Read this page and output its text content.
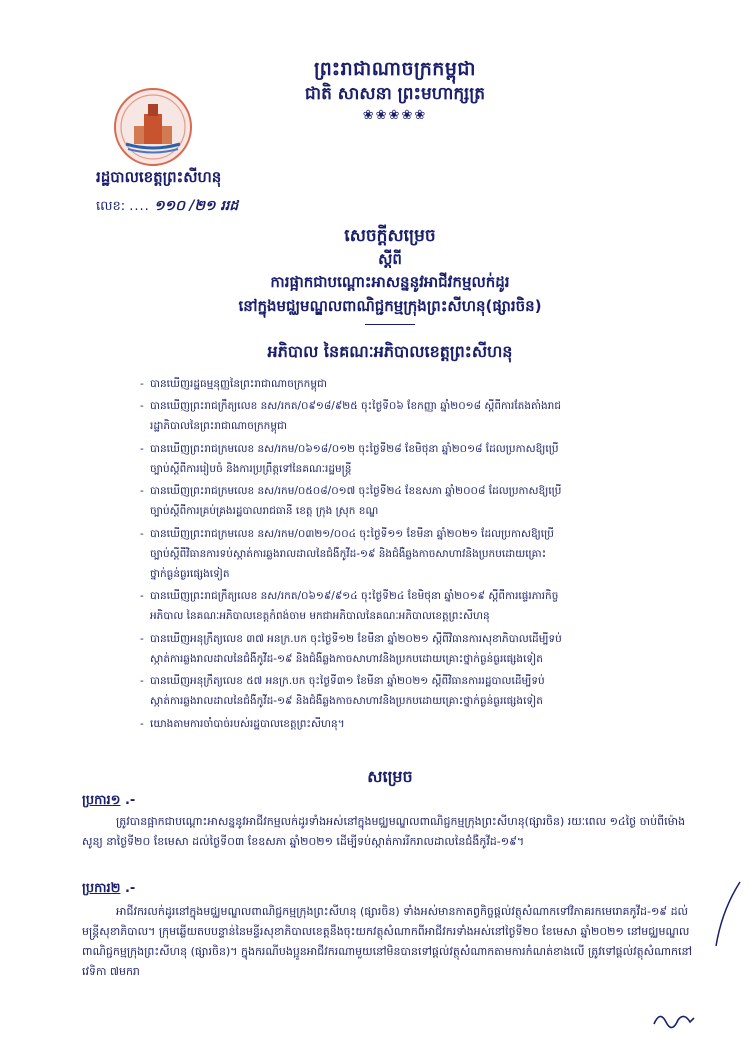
ព្រះរាជាណាចក្រកម្ពុជា
ជាតិ សាសនា ព្រះមហាក្សត្រ
❀❀❀❀❀
រដ្ឋបាលខេត្តព្រះសីហនុ
លេខ: .... ១១០ /២១ ររដ
សេចក្តីសម្រេច
ស្តីពី
ការផ្អាកជាបណ្តោះអាសន្ននូវអាជីវកម្មលក់ដូរ
នៅក្នុងមជ្ឈមណ្ឌលពាណិជ្ជកម្មក្រុងព្រះសីហនុ(ផ្សារចិន)
អភិបាល នៃគណៈអភិបាលខេត្តព្រះសីហនុ
- បានឃើញរដ្ឋធម្មនុញ្ញនៃព្រះរាជាណាចក្រកម្ពុជា
- បានឃើញព្រះរាជក្រឹត្យលេខ នស/រកត/០៩១៨/៩២៥ ចុះថ្ងៃទី០៦ ខែកញ្ញា ឆ្នាំ២០១៨ ស្តីពីការតែងតាំងរាជ
រដ្ឋាភិបាលនៃព្រះរាជាណាចក្រកម្ពុជា
- បានឃើញព្រះរាជក្រមលេខ នស/រកម/០៦១៨/០១២ ចុះថ្ងៃទី២៨ ខែមិថុនា ឆ្នាំ២០១៨ ដែលប្រកាសឱ្យប្រើ
ច្បាប់ស្តីពីការរៀបចំ និងការប្រព្រឹត្តទៅនៃគណៈរដ្ឋមន្ត្រី
- បានឃើញព្រះរាជក្រមលេខ នស/រកម/០៥០៨/០១៧ ចុះថ្ងៃទី២៤ ខែឧសភា ឆ្នាំ២០០៨ ដែលប្រកាសឱ្យប្រើ
ច្បាប់ស្តីពីការគ្រប់គ្រងរដ្ឋបាលរាជធានី ខេត្ត ក្រុង ស្រុក ខណ្ឌ
- បានឃើញព្រះរាជក្រមលេខ នស/រកម/០៣២១/០០៤ ចុះថ្ងៃទី១១ ខែមីនា ឆ្នាំ២០២១ ដែលប្រកាសឱ្យប្រើ
ច្បាប់ស្តីពីវិធានការទប់ស្កាត់ការឆ្លងរាលដាលនៃជំងឺកូវីដ-១៩ និងជំងឺឆ្លងកាចសាហាវនិងប្រកបដោយគ្រោះ
ថ្នាក់ធ្ងន់ធ្ងរផ្សេងទៀត
- បានឃើញព្រះរាជក្រឹត្យលេខ នស/រកត/០៦១៩/៩១៤ ចុះថ្ងៃទី២៤ ខែមិថុនា ឆ្នាំ២០១៩ ស្តីពីការផ្ទេរភារកិច្ច
អភិបាល នៃគណៈអភិបាលខេត្តកំពង់ចាម មកជាអភិបាលនៃគណៈអភិបាលខេត្តព្រះសីហនុ
- បានឃើញអនុក្រឹត្យលេខ ៣៧ អនក្រ.បក ចុះថ្ងៃទី១២ ខែមីនា ឆ្នាំ២០២១ ស្តីពីវិធានការសុខាភិបាលដើម្បីទប់
ស្កាត់ការឆ្លងរាលដាលនៃជំងឺកូវីដ-១៩ និងជំងឺឆ្លងកាចសាហាវនិងប្រកបដោយគ្រោះថ្នាក់ធ្ងន់ធ្ងរផ្សេងទៀត
- បានឃើញអនុក្រឹត្យលេខ ៥៧ អនក្រ.បក ចុះថ្ងៃទី៣១ ខែមីនា ឆ្នាំ២០២១ ស្តីពីវិធានការរដ្ឋបាលដើម្បីទប់
ស្កាត់ការឆ្លងរាលដាលនៃជំងឺកូវីដ-១៩ និងជំងឺឆ្លងកាចសាហាវនិងប្រកបដោយគ្រោះថ្នាក់ធ្ងន់ធ្ងរផ្សេងទៀត
- យោងតាមការចាំបាច់របស់រដ្ឋបាលខេត្តព្រះសីហនុ។
សម្រេច
ប្រការ១ .-
ត្រូវបានផ្អាកជាបណ្តោះអាសន្ននូវអាជីវកម្មលក់ដូរទាំងអស់នៅក្នុងមជ្ឈមណ្ឌលពាណិជ្ជកម្មក្រុងព្រះសីហនុ(ផ្សារចិន) រយៈពេល ១៤ថ្ងៃ ចាប់ពីម៉ោងសូន្យ នាថ្ងៃទី២០ ខែមេសា ដល់ថ្ងៃទី០៣ ខែឧសភា ឆ្នាំ២០២១ ដើម្បីទប់ស្កាត់ការរីករាលដាលនៃជំងឺកូវីដ-១៩។
ប្រការ២ .-
អាជីវករលក់ដូរនៅក្នុងមជ្ឈមណ្ឌលពាណិជ្ជកម្មក្រុងព្រះសីហនុ (ផ្សារចិន) ទាំងអស់មានកាតព្វកិច្ចផ្តល់វត្ថុសំណាកទៅវិភាគរកមេរោគកូវីដ-១៩ ដល់មន្ត្រីសុខាភិបាល។ ក្រុមឆ្លើយតបបន្ទាន់នៃមន្ទីរសុខាភិបាលខេត្តនឹងចុះយកវត្ថុសំណាកពីអាជីវករទាំងអស់នៅថ្ងៃទី២០ ខែមេសា ឆ្នាំ២០២១ នៅមជ្ឈមណ្ឌលពាណិជ្ជកម្មក្រុងព្រះសីហនុ (ផ្សារចិន)។ ក្នុងករណីបងប្អូនអាជីវករណាមួយនៅមិនបានទៅផ្តល់វត្ថុសំណាកតាមការកំណត់ខាងលើ ត្រូវទៅផ្តល់វត្ថុសំណាកនៅវេទិកា ៧មករា
